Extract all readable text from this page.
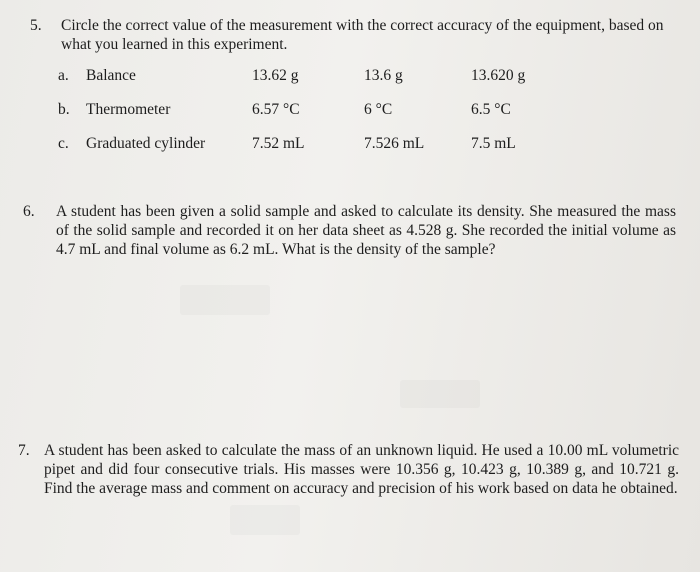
5. Circle the correct value of the measurement with the correct accuracy of the equipment, based on what you learned in this experiment.
a. Balance	13.62 g	13.6 g	13.620 g
b. Thermometer	6.57 °C	6 °C	6.5 °C
c. Graduated cylinder	7.52 mL	7.526 mL	7.5 mL
6. A student has been given a solid sample and asked to calculate its density. She measured the mass of the solid sample and recorded it on her data sheet as 4.528 g. She recorded the initial volume as 4.7 mL and final volume as 6.2 mL. What is the density of the sample?
7. A student has been asked to calculate the mass of an unknown liquid. He used a 10.00 mL volumetric pipet and did four consecutive trials. His masses were 10.356 g, 10.423 g, 10.389 g, and 10.721 g. Find the average mass and comment on accuracy and precision of his work based on data he obtained.
